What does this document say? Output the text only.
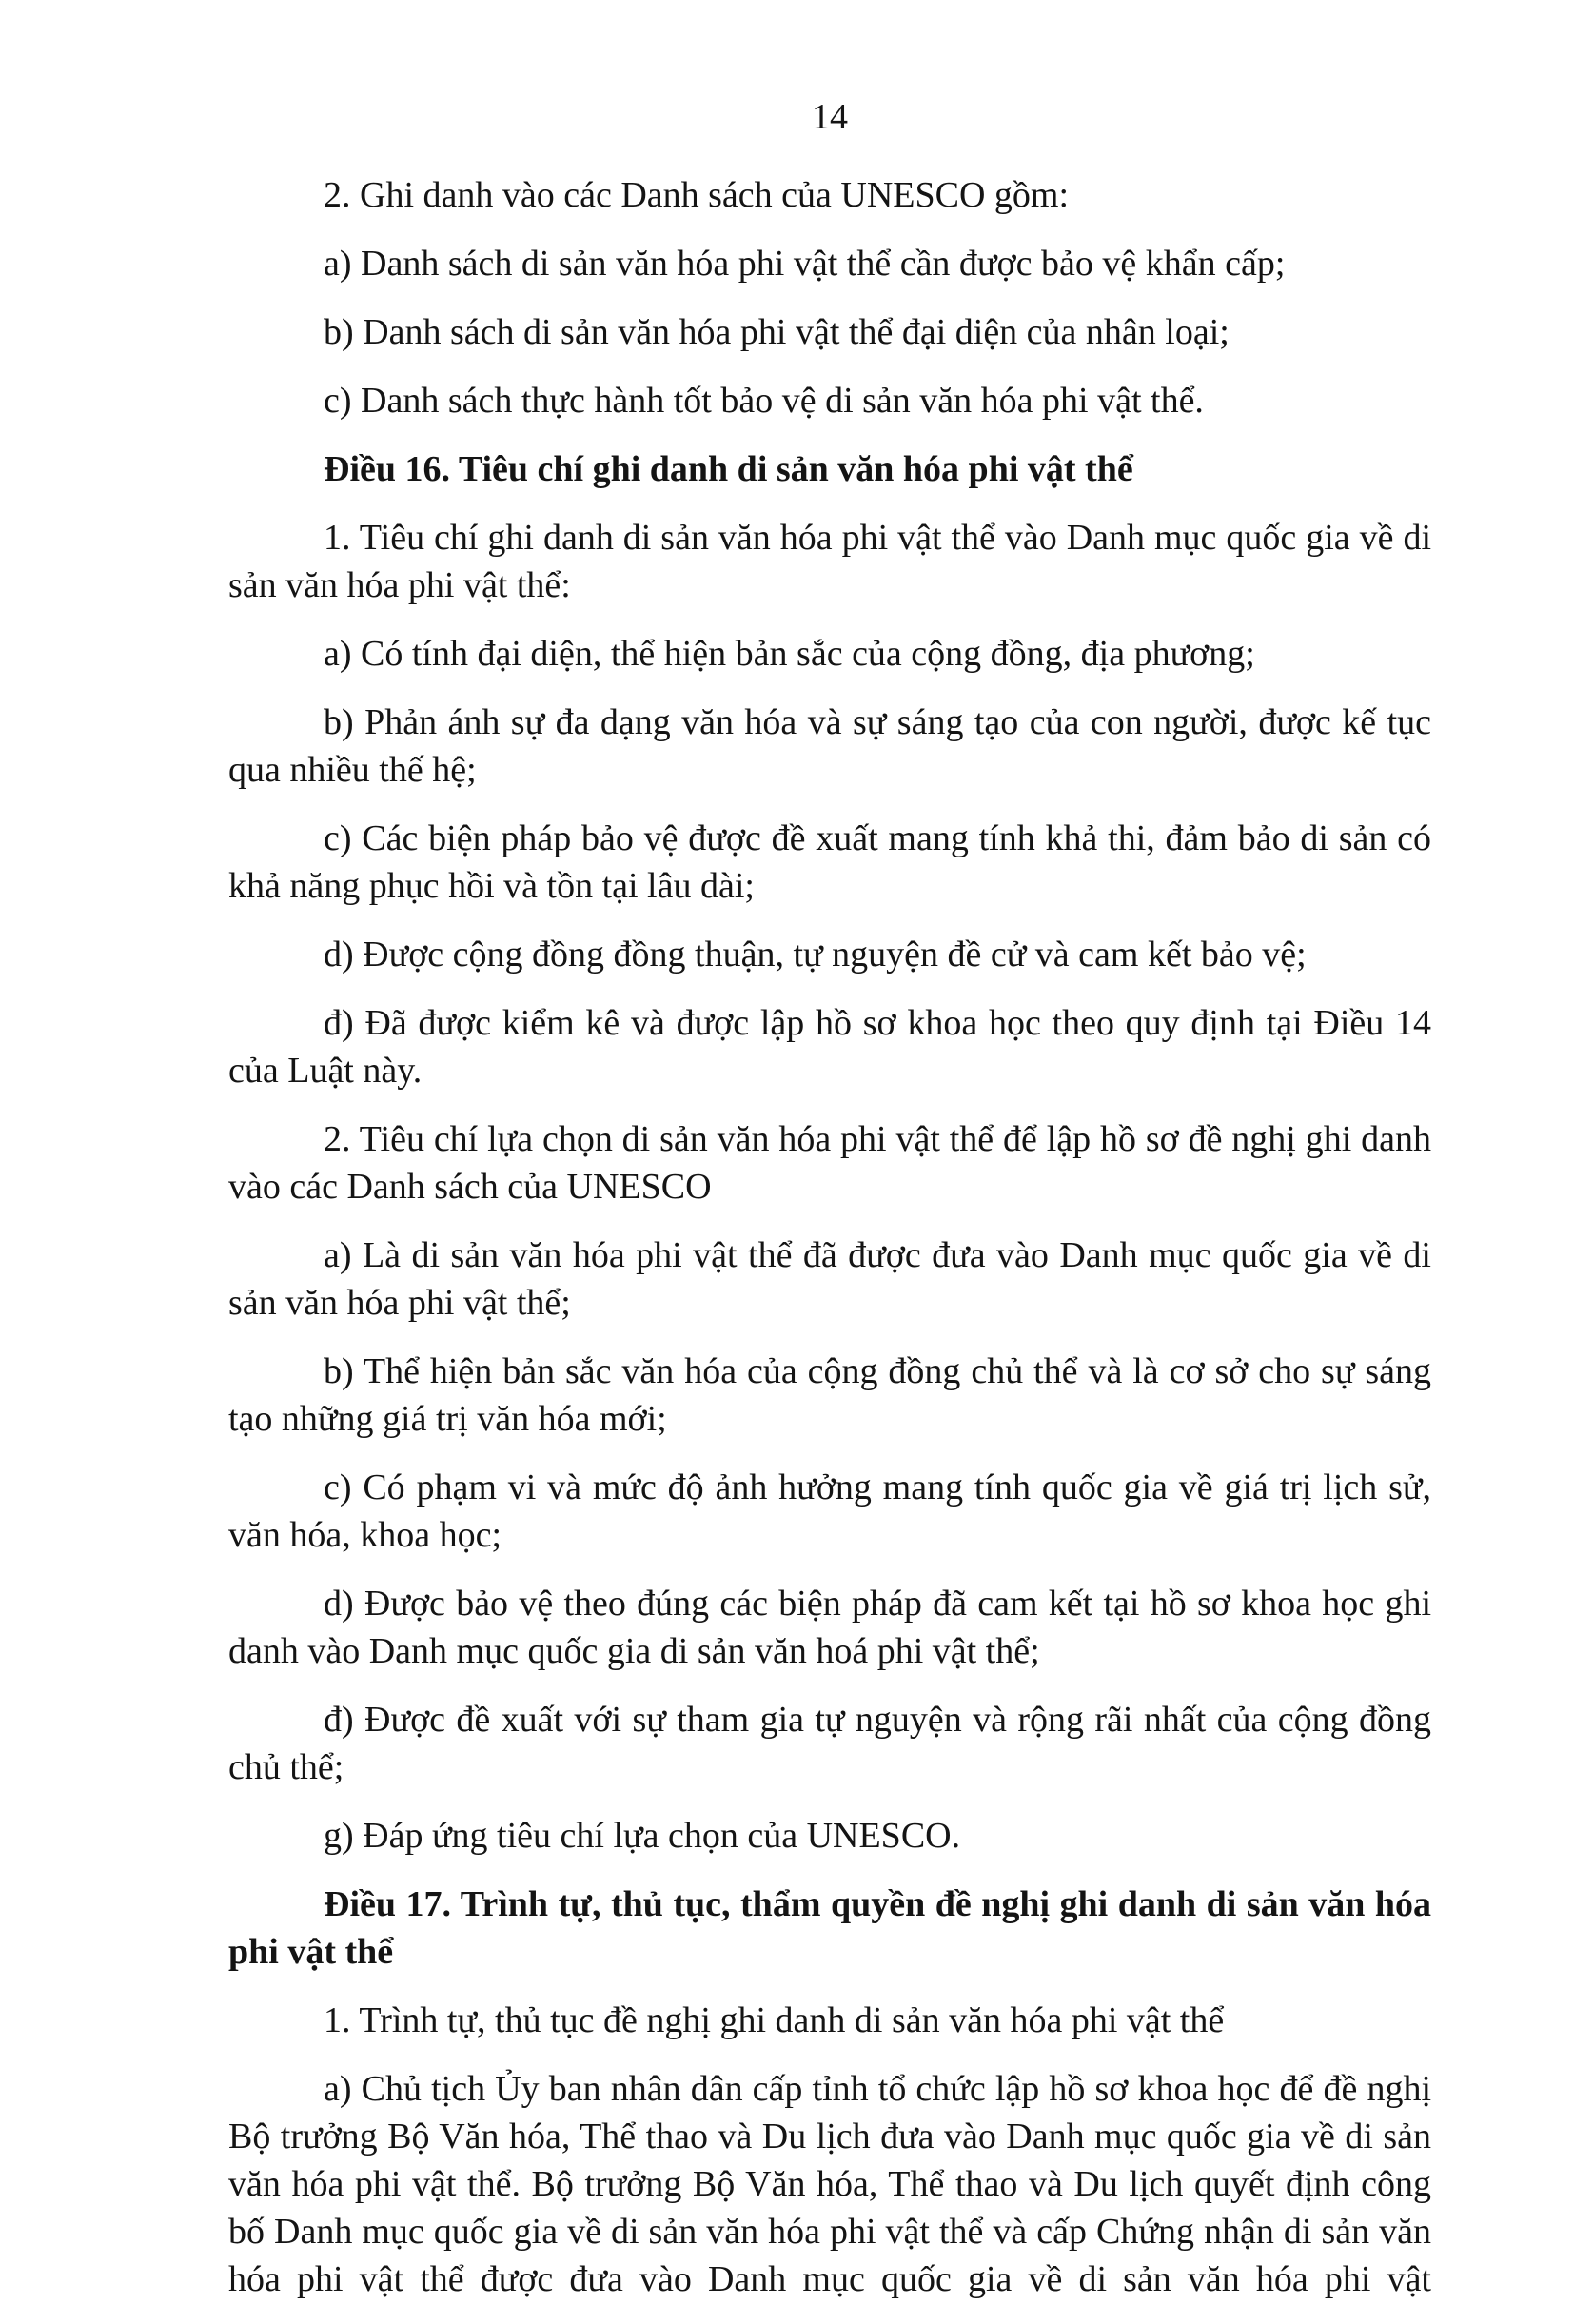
14

2. Ghi danh vào các Danh sách của UNESCO gồm:

a) Danh sách di sản văn hóa phi vật thể cần được bảo vệ khẩn cấp;

b) Danh sách di sản văn hóa phi vật thể đại diện của nhân loại;

c) Danh sách thực hành tốt bảo vệ di sản văn hóa phi vật thể.

Điều 16. Tiêu chí ghi danh di sản văn hóa phi vật thể

1. Tiêu chí ghi danh di sản văn hóa phi vật thể vào Danh mục quốc gia về di sản văn hóa phi vật thể:

a) Có tính đại diện, thể hiện bản sắc của cộng đồng, địa phương;

b) Phản ánh sự đa dạng văn hóa và sự sáng tạo của con người, được kế tục qua nhiều thế hệ;

c) Các biện pháp bảo vệ được đề xuất mang tính khả thi, đảm bảo di sản có khả năng phục hồi và tồn tại lâu dài;

d) Được cộng đồng đồng thuận, tự nguyện đề cử và cam kết bảo vệ;

đ) Đã được kiểm kê và được lập hồ sơ khoa học theo quy định tại Điều 14 của Luật này.

2. Tiêu chí lựa chọn di sản văn hóa phi vật thể để lập hồ sơ đề nghị ghi danh vào các Danh sách của UNESCO

a) Là di sản văn hóa phi vật thể đã được đưa vào Danh mục quốc gia về di sản văn hóa phi vật thể;

b) Thể hiện bản sắc văn hóa của cộng đồng chủ thể và là cơ sở cho sự sáng tạo những giá trị văn hóa mới;

c) Có phạm vi và mức độ ảnh hưởng mang tính quốc gia về giá trị lịch sử, văn hóa, khoa học;

d) Được bảo vệ theo đúng các biện pháp đã cam kết tại hồ sơ khoa học ghi danh vào Danh mục quốc gia di sản văn hoá phi vật thể;

đ) Được đề xuất với sự tham gia tự nguyện và rộng rãi nhất của cộng đồng chủ thể;

g) Đáp ứng tiêu chí lựa chọn của UNESCO.

Điều 17. Trình tự, thủ tục, thẩm quyền đề nghị ghi danh di sản văn hóa phi vật thể

1. Trình tự, thủ tục đề nghị ghi danh di sản văn hóa phi vật thể

a) Chủ tịch Ủy ban nhân dân cấp tỉnh tổ chức lập hồ sơ khoa học để đề nghị Bộ trưởng Bộ Văn hóa, Thể thao và Du lịch đưa vào Danh mục quốc gia về di sản văn hóa phi vật thể. Bộ trưởng Bộ Văn hóa, Thể thao và Du lịch quyết định công bố Danh mục quốc gia về di sản văn hóa phi vật thể và cấp Chứng nhận di sản văn hóa phi vật thể được đưa vào Danh mục quốc gia về di sản văn hóa phi vật
